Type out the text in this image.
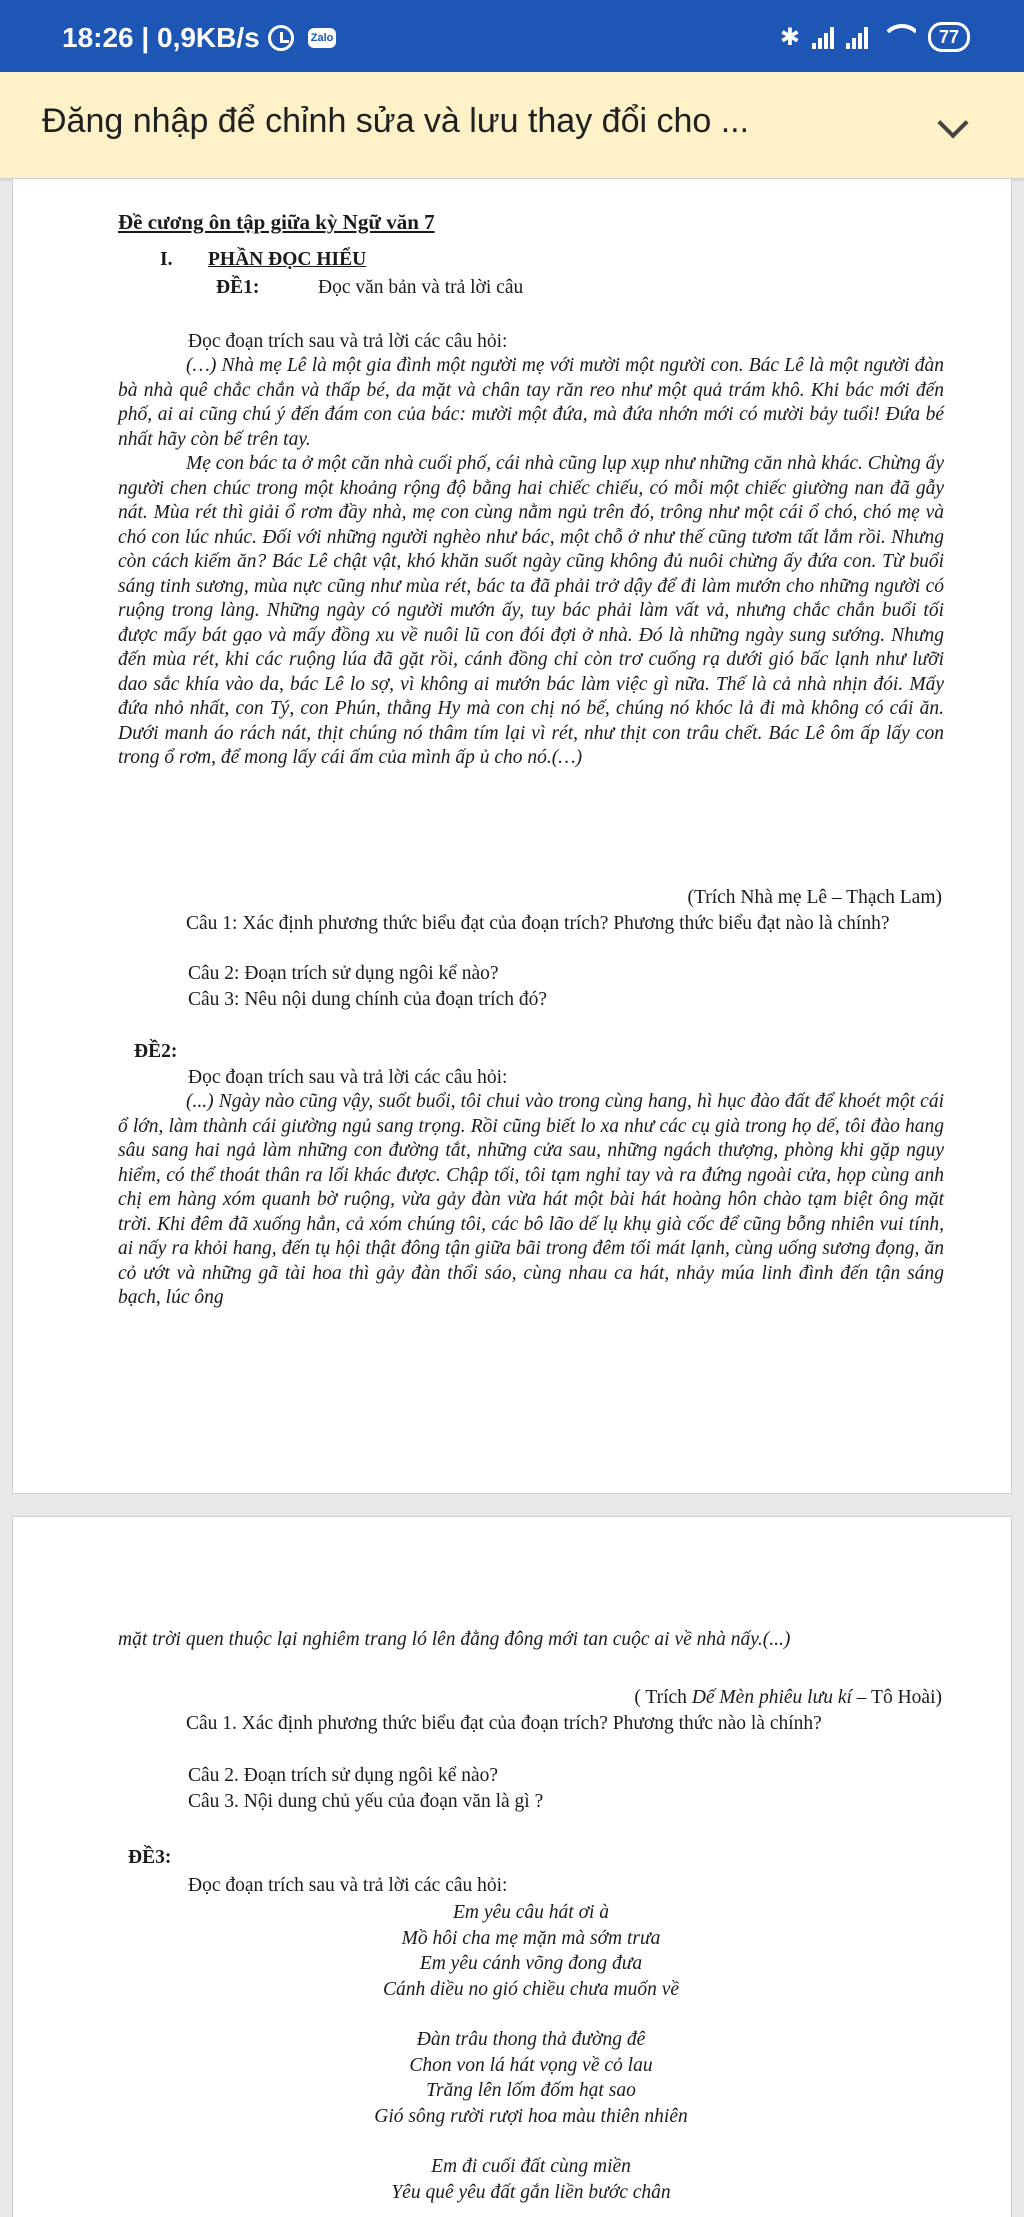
18:26 | 0,9KB/s	Zalo	✱	77
Đăng nhập để chỉnh sửa và lưu thay đổi cho ...
Đề cương ôn tập giữa kỳ Ngữ văn 7
I. PHẦN ĐỌC HIỂU
ĐỀ1:	Đọc văn bản và trả lời câu
Đọc đoạn trích sau và trả lời các câu hỏi:
(…) Nhà mẹ Lê là một gia đình một người mẹ với mười một người con. Bác Lê là một người đàn bà nhà quê chắc chắn và thấp bé, da mặt và chân tay răn reo như một quả trám khô. Khi bác mới đến phố, ai ai cũng chú ý đến đám con của bác: mười một đứa, mà đứa nhớn mới có mười bảy tuổi! Đứa bé nhất hãy còn bế trên tay.
Mẹ con bác ta ở một căn nhà cuối phố, cái nhà cũng lụp xụp như những căn nhà khác. Chừng ấy người chen chúc trong một khoảng rộng độ bằng hai chiếc chiếu, có mỗi một chiếc giường nan đã gẫy nát. Mùa rét thì giải ổ rơm đầy nhà, mẹ con cùng nằm ngủ trên đó, trông như một cái ổ chó, chó mẹ và chó con lúc nhúc. Đối với những người nghèo như bác, một chỗ ở như thế cũng tươm tất lắm rồi. Nhưng còn cách kiếm ăn? Bác Lê chật vật, khó khăn suốt ngày cũng không đủ nuôi chừng ấy đứa con. Từ buổi sáng tinh sương, mùa nực cũng như mùa rét, bác ta đã phải trở dậy để đi làm mướn cho những người có ruộng trong làng. Những ngày có người mướn ấy, tuy bác phải làm vất vả, nhưng chắc chắn buổi tối được mấy bát gạo và mấy đồng xu về nuôi lũ con đói đợi ở nhà. Đó là những ngày sung sướng. Nhưng đến mùa rét, khi các ruộng lúa đã gặt rồi, cánh đồng chỉ còn trơ cuống rạ dưới gió bấc lạnh như lưỡi dao sắc khía vào da, bác Lê lo sợ, vì không ai mướn bác làm việc gì nữa. Thế là cả nhà nhịn đói. Mấy đứa nhỏ nhất, con Tý, con Phún, thằng Hy mà con chị nó bế, chúng nó khóc lả đi mà không có cái ăn. Dưới manh áo rách nát, thịt chúng nó thâm tím lại vì rét, như thịt con trâu chết. Bác Lê ôm ấp lấy con trong ổ rơm, để mong lấy cái ấm của mình ấp ủ cho nó.(…)
(Trích Nhà mẹ Lê – Thạch Lam)
Câu 1: Xác định phương thức biểu đạt của đoạn trích? Phương thức biểu đạt nào là chính?
Câu 2: Đoạn trích sử dụng ngôi kể nào?
Câu 3: Nêu nội dung chính của đoạn trích đó?
ĐỀ2:
Đọc đoạn trích sau và trả lời các câu hỏi:
(...) Ngày nào cũng vậy, suốt buổi, tôi chui vào trong cùng hang, hì hục đào đất để khoét một cái ổ lớn, làm thành cái giường ngủ sang trọng. Rồi cũng biết lo xa như các cụ già trong họ dế, tôi đào hang sâu sang hai ngả làm những con đường tắt, những cửa sau, những ngách thượng, phòng khi gặp nguy hiểm, có thể thoát thân ra lối khác được. Chập tối, tôi tạm nghỉ tay và ra đứng ngoài cửa, họp cùng anh chị em hàng xóm quanh bờ ruộng, vừa gảy đàn vừa hát một bài hát hoàng hôn chào tạm biệt ông mặt trời. Khi đêm đã xuống hẳn, cả xóm chúng tôi, các bô lão dế lụ khụ già cốc để cũng bỗng nhiên vui tính, ai nấy ra khỏi hang, đến tụ hội thật đông tận giữa bãi trong đêm tối mát lạnh, cùng uống sương đọng, ăn cỏ ướt và những gã tài hoa thì gảy đàn thổi sáo, cùng nhau ca hát, nhảy múa linh đình đến tận sáng bạch, lúc ông
mặt trời quen thuộc lại nghiêm trang ló lên đằng đông mới tan cuộc ai về nhà nấy.(...)
( Trích Dế Mèn phiêu lưu kí – Tô Hoài)
Câu 1. Xác định phương thức biểu đạt của đoạn trích? Phương thức nào là chính?
Câu 2. Đoạn trích sử dụng ngôi kể nào?
Câu 3. Nội dung chủ yếu của đoạn văn là gì ?
ĐỀ3:
Đọc đoạn trích sau và trả lời các câu hỏi:
Em yêu câu hát ơi à
Mồ hôi cha mẹ mặn mà sớm trưa
Em yêu cánh võng đong đưa
Cánh diều no gió chiều chưa muốn về
Đàn trâu thong thả đường đê
Chon von lá hát vọng về cỏ lau
Trăng lên lốm đốm hạt sao
Gió sông rười rượi hoa màu thiên nhiên
Em đi cuối đất cùng miền
Yêu quê yêu đất gắn liền bước chân
